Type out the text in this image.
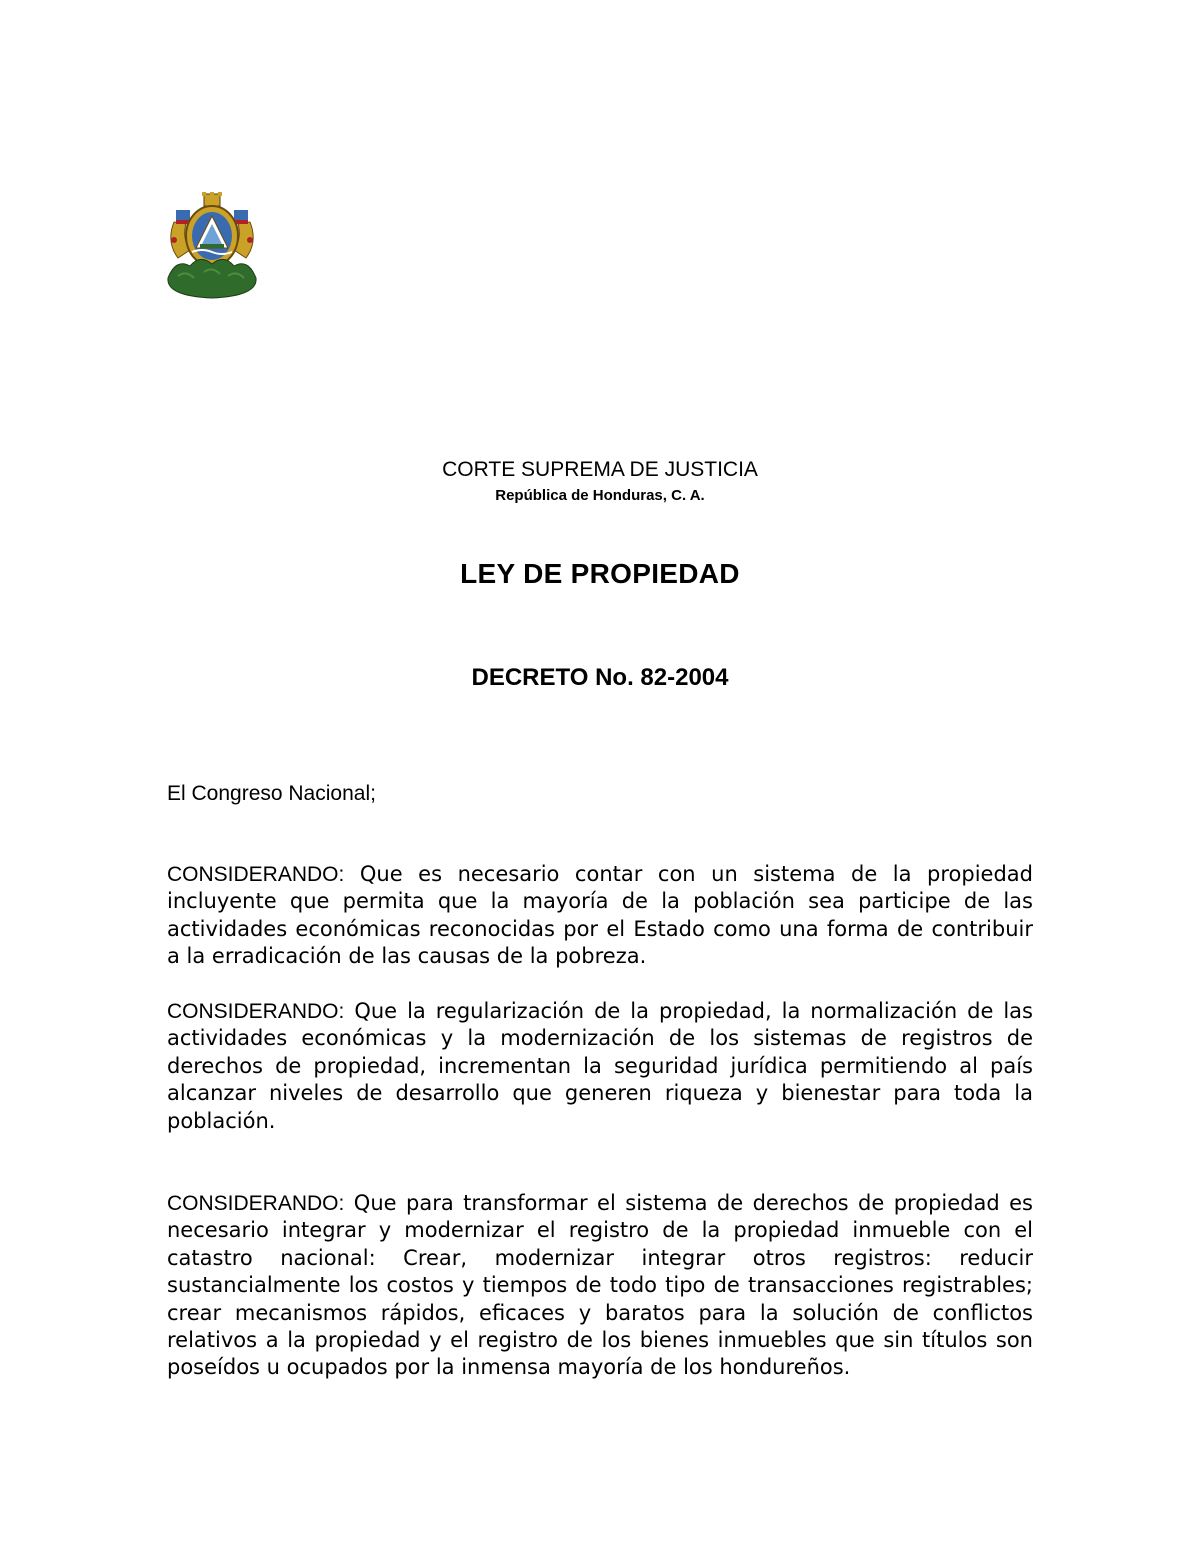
CORTE SUPREMA DE JUSTICIA
República de Honduras, C. A.
LEY DE PROPIEDAD
DECRETO No. 82-2004
El Congreso Nacional;

CONSIDERANDO: Que es necesario contar con un sistema de la propiedad incluyente que permita que la mayoría de la población sea participe de las actividades económicas reconocidas por el Estado como una forma de contribuir a la erradicación de las causas de la pobreza.

CONSIDERANDO: Que la regularización de la propiedad, la normalización de las actividades económicas y la modernización de los sistemas de registros de derechos de propiedad, incrementan la seguridad jurídica permitiendo al país alcanzar niveles de desarrollo que generen riqueza y bienestar para toda la población.

CONSIDERANDO: Que para transformar el sistema de derechos de propiedad es necesario integrar y modernizar el registro de la propiedad inmueble con el catastro nacional: Crear, modernizar integrar otros registros: reducir sustancialmente los costos y tiempos de todo tipo de transacciones registrables; crear mecanismos rápidos, eficaces y baratos para la solución de conflictos relativos a la propiedad y el registro de los bienes inmuebles que sin títulos son poseídos u ocupados por la inmensa mayoría de los hondureños.
